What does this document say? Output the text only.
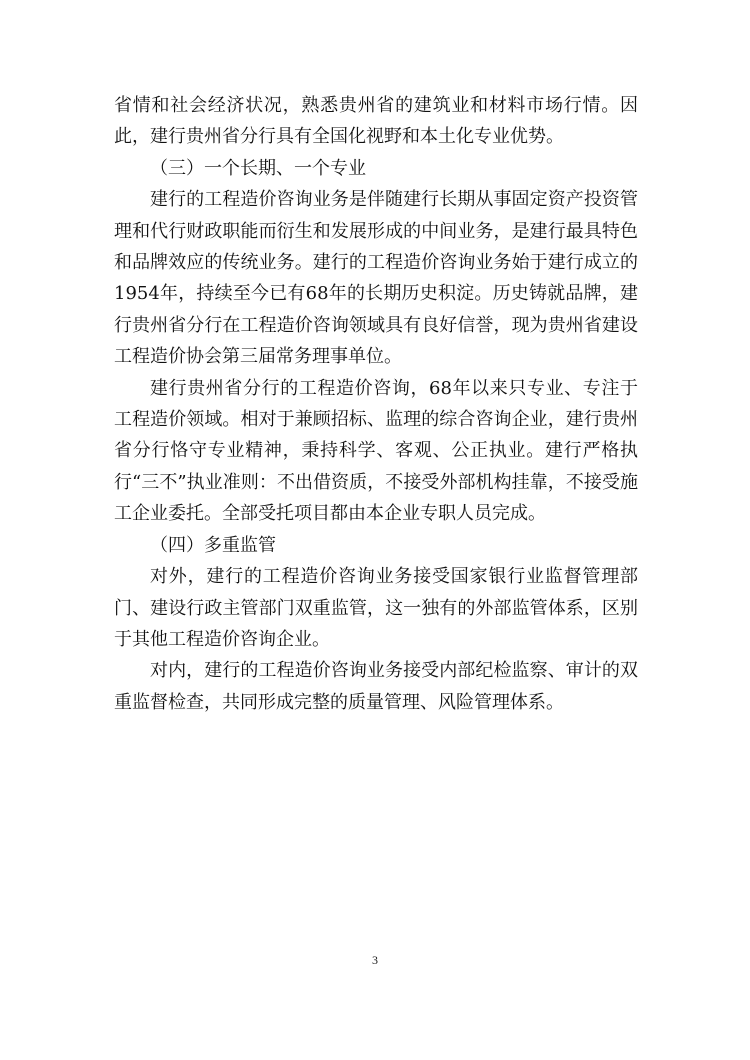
省情和社会经济状况，熟悉贵州省的建筑业和材料市场行情。因此，建行贵州省分行具有全国化视野和本土化专业优势。

（三）一个长期、一个专业

建行的工程造价咨询业务是伴随建行长期从事固定资产投资管理和代行财政职能而衍生和发展形成的中间业务，是建行最具特色和品牌效应的传统业务。建行的工程造价咨询业务始于建行成立的1954年，持续至今已有68年的长期历史积淀。历史铸就品牌，建行贵州省分行在工程造价咨询领域具有良好信誉，现为贵州省建设工程造价协会第三届常务理事单位。

建行贵州省分行的工程造价咨询，68年以来只专业、专注于工程造价领域。相对于兼顾招标、监理的综合咨询企业，建行贵州省分行恪守专业精神，秉持科学、客观、公正执业。建行严格执行“三不”执业准则：不出借资质，不接受外部机构挂靠，不接受施工企业委托。全部受托项目都由本企业专职人员完成。

（四）多重监管

对外，建行的工程造价咨询业务接受国家银行业监督管理部门、建设行政主管部门双重监管，这一独有的外部监管体系，区别于其他工程造价咨询企业。

对内，建行的工程造价咨询业务接受内部纪检监察、审计的双重监督检查，共同形成完整的质量管理、风险管理体系。

3
